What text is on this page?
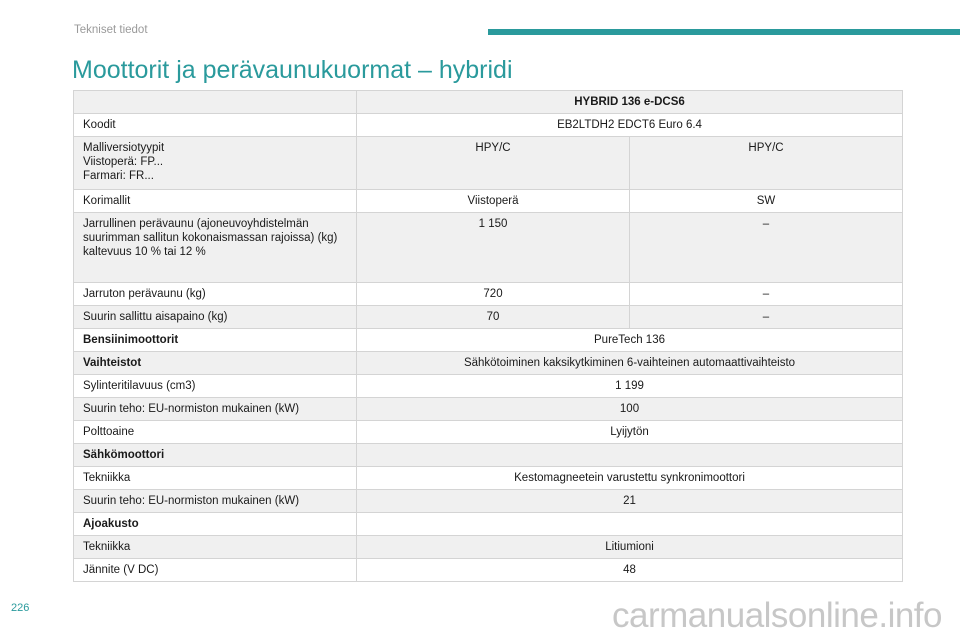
Tekniset tiedot
Moottorit ja perävaunukuormat – hybridi
	HYBRID 136 e-DCS6	
Koodit	EB2LTDH2 EDCT6 Euro 6.4	
Malliversiotyypit
Viistoperä: FP...
Farmari: FR...	HPY/C	HPY/C
Korimallit	Viistoperä	SW
Jarrullinen perävaunu (ajoneuvoyhdistelmän suurimman sallitun kokonaismassan rajoissa) (kg)
kaltevuus 10 % tai 12 %	1 150	–
Jarruton perävaunu (kg)	720	–
Suurin sallittu aisapaino (kg)	70	–
Bensiinimoottorit	PureTech 136	
Vaihteistot	Sähkötoiminen kaksikytkiminen 6-vaihteinen automaattivaihteisto	
Sylinteritilavuus (cm3)	1 199	
Suurin teho: EU-normiston mukainen (kW)	100	
Polttoaine	Lyijytön	
Sähkömoottori		
Tekniikka	Kestomagneetein varustettu synkronimoottori	
Suurin teho: EU-normiston mukainen (kW)	21	
Ajoakusto		
Tekniikka	Litiumioni	
Jännite (V DC)	48	
226	carmanualsonline.info
